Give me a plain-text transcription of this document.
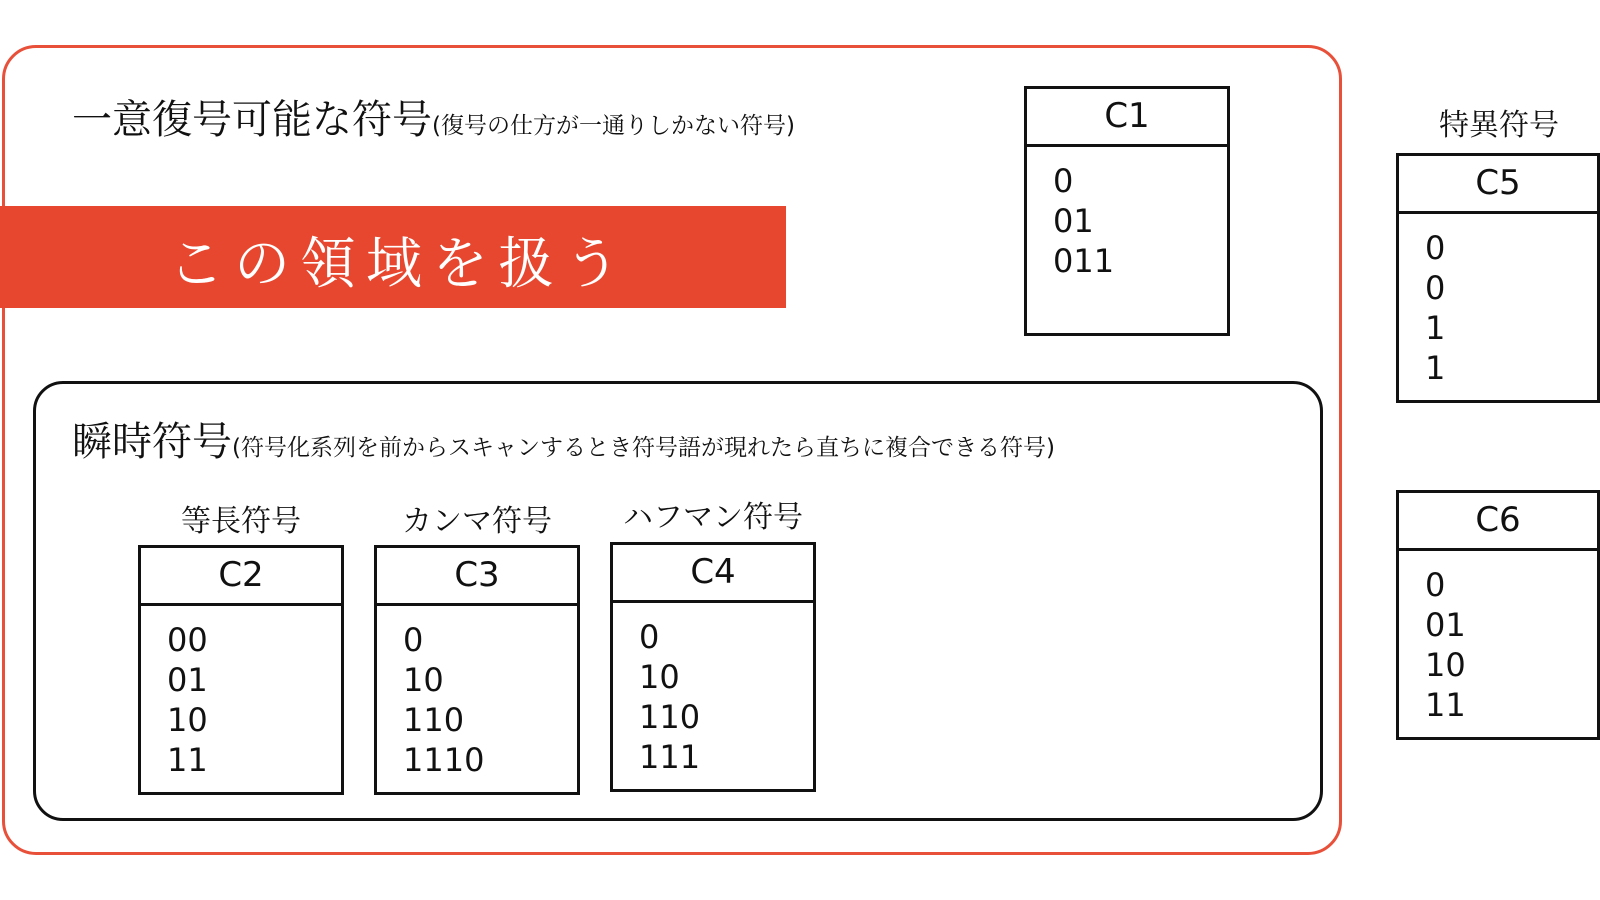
一意復号可能な符号(復号の仕方が一通りしかない符号)
この領域を扱う
C1
0
01
011
瞬時符号(符号化系列を前からスキャンするとき符号語が現れたら直ちに複合できる符号)
等長符号
C2
00
01
10
11
カンマ符号
C3
0
10
110
1110
ハフマン符号
C4
0
10
110
111
特異符号
C5
0
0
1
1
C6
0
01
10
11
